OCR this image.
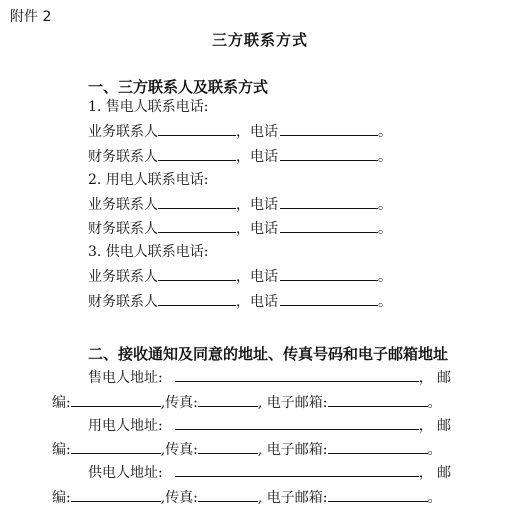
附件 2
三方联系方式
一、三方联系人及联系方式
1. 售电人联系电话:
业务联系人	，电话	。
财务联系人	，电话	。
2. 用电人联系电话:
业务联系人	，电话	。
财务联系人	，电话	。
3. 供电人联系电话:
业务联系人	，电话	。
财务联系人	，电话	。
二、接收通知及同意的地址、传真号码和电子邮箱地址
售电人地址:	， 邮
编:	,传真:	, 电子邮箱:	。
用电人地址:	， 邮
编:	,传真:	, 电子邮箱:	。
供电人地址:	， 邮
编:	,传真:	, 电子邮箱:	。
